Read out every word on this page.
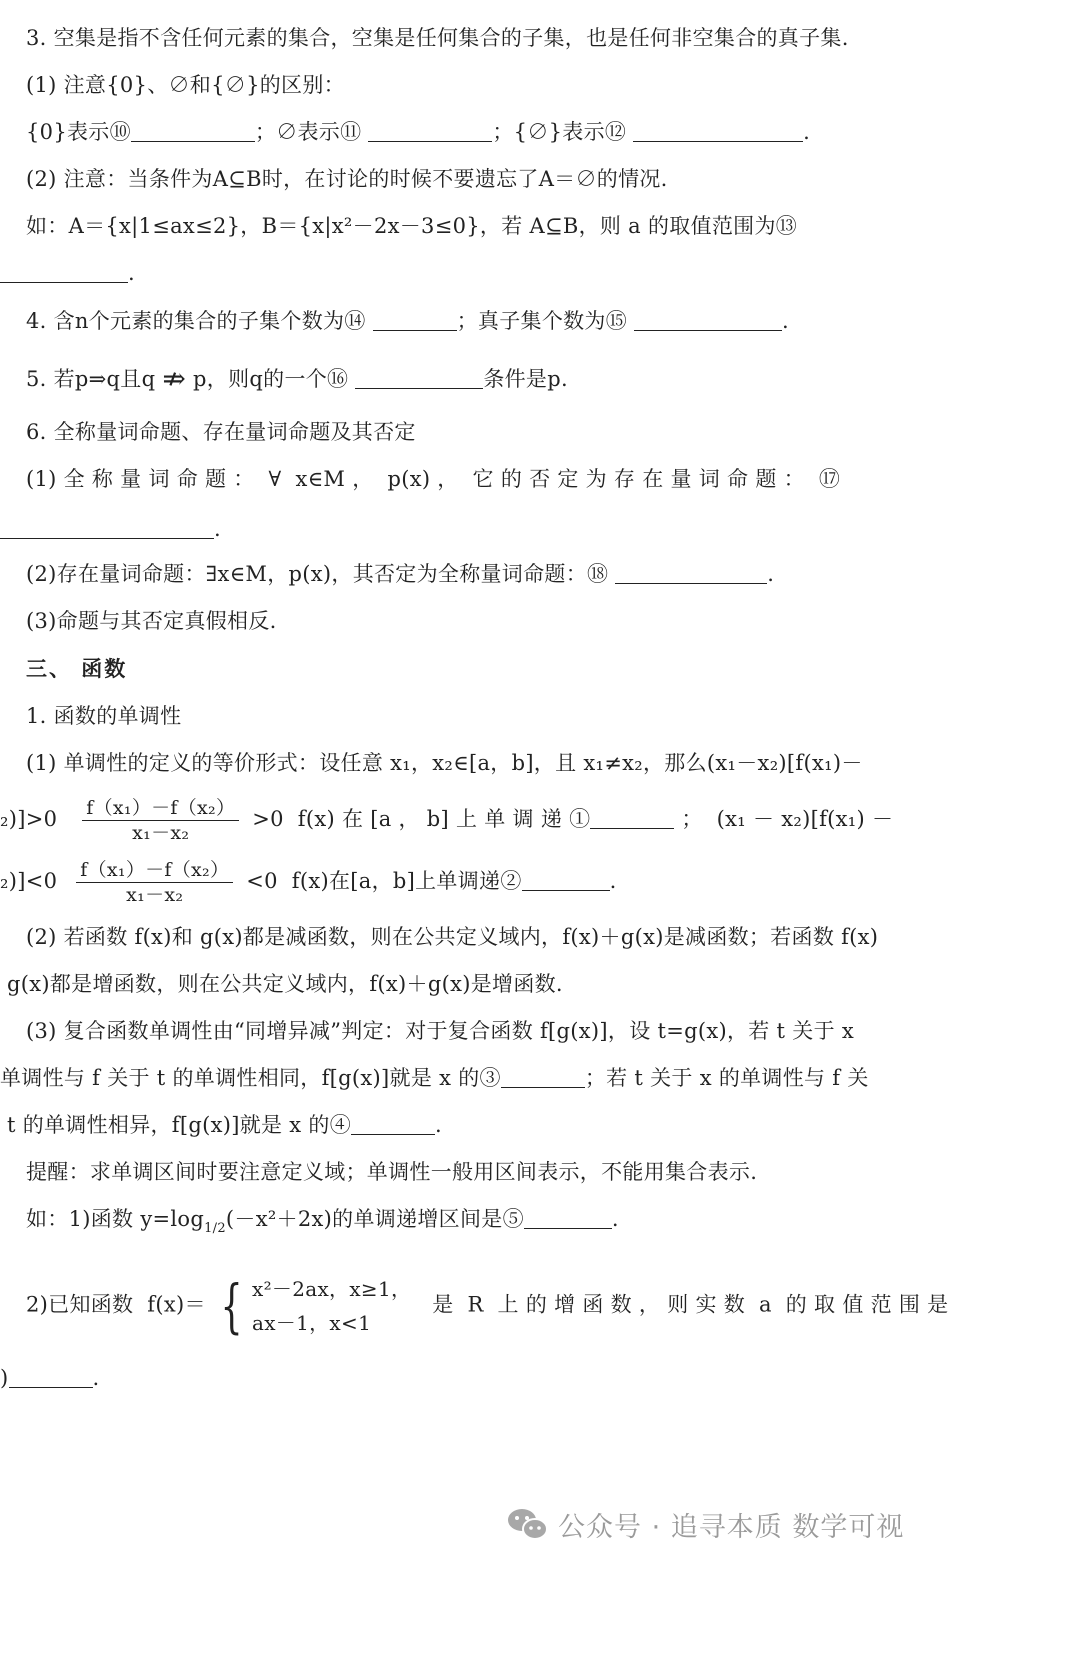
3. 空集是指不含任何元素的集合，空集是任何集合的子集，也是任何非空集合的真子集.
(1) 注意{0}、∅和{∅}的区别：
{0}表示⑩	；∅表示⑪	；{∅}表示⑫	.
(2) 注意：当条件为A⊆B时，在讨论的时候不要遗忘了A＝∅的情况.
如：A＝{x|1≤ax≤2}，B＝{x|x²－2x－3≤0}，若 A⊆B，则 a 的取值范围为⑬
.
4. 含n个元素的集合的子集个数为⑭	；真子集个数为⑮	.
5. 若p⇒q且q ⇏ p，则q的一个⑯	条件是p.
6. 全称量词命题、存在量词命题及其否定
(1) 全 称 量 词 命 题 ：  ∀  x∈M ，  p(x) ，  它 的 否 定 为 存 在 量 词 命 题 ：  ⑰
.
(2)存在量词命题：∃x∈M，p(x)，其否定为全称量词命题：⑱	.
(3)命题与其否定真假相反.
三、 函数
1. 函数的单调性
(1) 单调性的定义的等价形式：设任意 x₁，x₂∈[a，b]，且 x₁≠x₂，那么(x₁－x₂)[f(x₁)－
$_2)]>0 \frac{\text{f（x₁）－f（x₂）}}{\text{x₁－x₂}} >0$  f(x) 在 [a ， b] 上 单 调 递 ①	；  (x₁ － x₂)[f(x₁) －
$_2)]<0 \frac{\text{f（x₁）－f（x₂）}}{\text{x₁－x₂}} <0$  f(x)在[a，b]上单调递②	.
(2) 若函数 f(x)和 g(x)都是减函数，则在公共定义域内，f(x)＋g(x)是减函数；若函数 f(x)
g(x)都是增函数，则在公共定义域内，f(x)＋g(x)是增函数.
(3) 复合函数单调性由“同增异减”判定：对于复合函数 f[g(x)]，设 t=g(x)，若 t 关于 x
单调性与 f 关于 t 的单调性相同，f[g(x)]就是 x 的③	；若 t 关于 x 的单调性与 f 关
t 的单调性相异，f[g(x)]就是 x 的④	.
提醒：求单调区间时要注意定义域；单调性一般用区间表示，不能用集合表示.
如：1)函数 $y=\log_{1/2}(-x^2+2x)$的单调递增区间是⑤	.
2)已知函数  f(x)＝ { x²－2ax，x≥1，
ax－1，x<1
是  R  上 的 增 函 数 ， 则 实 数  a  的 取 值 范 围 是
)	.
公众号 · 追寻本质 数学可视
